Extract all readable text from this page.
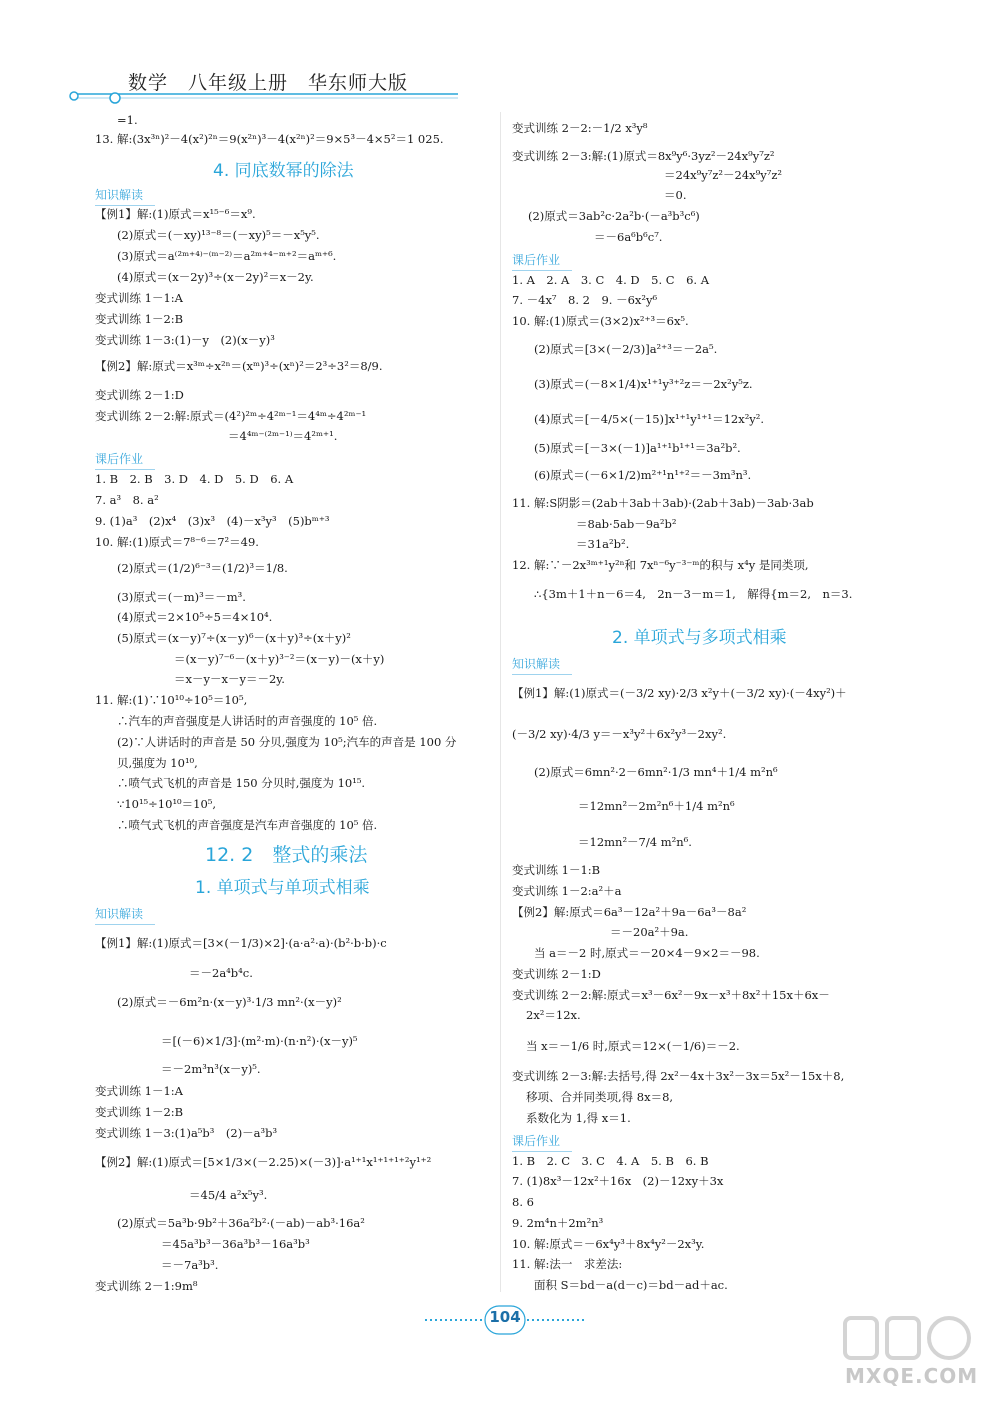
数学　八年级上册　华东师大版
=1.
13. 解:(3x³ⁿ)²－4(x²)²ⁿ＝9(x²ⁿ)³－4(x²ⁿ)²＝9×5³－4×5²＝1 025.
4. 同底数幂的除法
知识解读
【例1】解:(1)原式＝x¹⁵⁻⁶＝x⁹.
(2)原式＝(－xy)¹³⁻⁸＝(－xy)⁵＝－x⁵y⁵.
(3)原式＝a⁽²ᵐ⁺⁴⁾⁻⁽ᵐ⁻²⁾＝a²ᵐ⁺⁴⁻ᵐ⁺²＝aᵐ⁺⁶.
(4)原式＝(x－2y)³÷(x－2y)²＝x－2y.
变式训练 1－1:A
变式训练 1－2:B
变式训练 1－3:(1)－y　(2)(x－y)³
【例2】解:原式＝x³ᵐ÷x²ⁿ＝(xᵐ)³÷(xⁿ)²＝2³÷3²＝8/9.
变式训练 2－1:D
变式训练 2－2:解:原式＝(4²)²ᵐ÷4²ᵐ⁻¹＝4⁴ᵐ÷4²ᵐ⁻¹
＝4⁴ᵐ⁻⁽²ᵐ⁻¹⁾＝4²ᵐ⁺¹.
课后作业
1. B　2. B　3. D　4. D　5. D　6. A
7. a³　8. a²
9. (1)a³　(2)x⁴　(3)x³　(4)－x³y³　(5)bᵐ⁺³
10. 解:(1)原式＝7⁸⁻⁶＝7²＝49.
(2)原式＝(1/2)⁶⁻³＝(1/2)³＝1/8.
(3)原式＝(－m)³＝－m³.
(4)原式＝2×10⁵÷5＝4×10⁴.
(5)原式＝(x－y)⁷÷(x－y)⁶－(x＋y)³÷(x＋y)²
＝(x－y)⁷⁻⁶－(x＋y)³⁻²＝(x－y)－(x＋y)
＝x－y－x－y＝－2y.
11. 解:(1)∵10¹⁰÷10⁵＝10⁵,
∴汽车的声音强度是人讲话时的声音强度的 10⁵ 倍.
(2)∵人讲话时的声音是 50 分贝,强度为 10⁵;汽车的声音是 100 分
贝,强度为 10¹⁰,
∴喷气式飞机的声音是 150 分贝时,强度为 10¹⁵.
∵10¹⁵÷10¹⁰＝10⁵,
∴喷气式飞机的声音强度是汽车声音强度的 10⁵ 倍.
12. 2　整式的乘法
1. 单项式与单项式相乘
知识解读
【例1】解:(1)原式＝[3×(－1/3)×2]·(a·a²·a)·(b²·b·b)·c
＝－2a⁴b⁴c.
(2)原式＝－6m²n·(x－y)³·1/3 mn²·(x－y)²
＝[(－6)×1/3]·(m²·m)·(n·n²)·(x－y)⁵
＝－2m³n³(x－y)⁵.
变式训练 1－1:A
变式训练 1－2:B
变式训练 1－3:(1)a⁵b³　(2)－a³b³
【例2】解:(1)原式＝[5×1/3×(－2.25)×(－3)]·a¹⁺¹x¹⁺¹⁺¹⁺²y¹⁺²
＝45/4 a²x⁵y³.
(2)原式＝5a³b·9b²＋36a²b²·(－ab)－ab³·16a²
＝45a³b³－36a³b³－16a³b³
＝－7a³b³.
变式训练 2－1:9m⁸
变式训练 2－2:－1/2 x³y⁸
变式训练 2－3:解:(1)原式＝8x⁹y⁶·3yz²－24x⁹y⁷z²
＝24x⁹y⁷z²－24x⁹y⁷z²
＝0.
(2)原式＝3ab²c·2a²b·(－a³b³c⁶)
＝－6a⁶b⁶c⁷.
课后作业
1. A　2. A　3. C　4. D　5. C　6. A
7. －4x⁷　8. 2　9. －6x²y⁶
10. 解:(1)原式＝(3×2)x²⁺³＝6x⁵.
(2)原式＝[3×(－2/3)]a²⁺³＝－2a⁵.
(3)原式＝(－8×1/4)x¹⁺¹y³⁺²z＝－2x²y⁵z.
(4)原式＝[－4/5×(－15)]x¹⁺¹y¹⁺¹＝12x²y².
(5)原式＝[－3×(－1)]a¹⁺¹b¹⁺¹＝3a²b².
(6)原式＝(－6×1/2)m²⁺¹n¹⁺²＝－3m³n³.
11. 解:S阴影＝(2ab＋3ab＋3ab)·(2ab＋3ab)－3ab·3ab
＝8ab·5ab－9a²b²
＝31a²b².
12. 解:∵－2x³ᵐ⁺¹y²ⁿ和 7xⁿ⁻⁶y⁻³⁻ᵐ的积与 x⁴y 是同类项,
∴{3m＋1＋n－6＝4,　2n－3－m＝1,　解得{m＝2,　n＝3.
2. 单项式与多项式相乘
知识解读
【例1】解:(1)原式＝(－3/2 xy)·2/3 x²y＋(－3/2 xy)·(－4xy²)＋
(－3/2 xy)·4/3 y＝－x³y²＋6x²y³－2xy².
(2)原式＝6mn²·2－6mn²·1/3 mn⁴＋1/4 m²n⁶
＝12mn²－2m²n⁶＋1/4 m²n⁶
＝12mn²－7/4 m²n⁶.
变式训练 1－1:B
变式训练 1－2:a²＋a
【例2】解:原式＝6a³－12a²＋9a－6a³－8a²
＝－20a²＋9a.
当 a＝－2 时,原式＝－20×4－9×2＝－98.
变式训练 2－1:D
变式训练 2－2:解:原式＝x³－6x²－9x－x³＋8x²＋15x＋6x－
2x²＝12x.
当 x＝－1/6 时,原式＝12×(－1/6)＝－2.
变式训练 2－3:解:去括号,得 2x²－4x＋3x²－3x＝5x²－15x＋8,
移项、合并同类项,得 8x＝8,
系数化为 1,得 x＝1.
课后作业
1. B　2. C　3. C　4. A　5. B　6. B
7. (1)8x³－12x²＋16x　(2)－12xy＋3x
8. 6
9. 2m⁴n＋2m²n³
10. 解:原式＝－6x⁴y³＋8x⁴y²－2x³y.
11. 解:法一　求差法:
面积 S＝bd－a(d－c)＝bd－ad＋ac.
104
MXQE.COM
